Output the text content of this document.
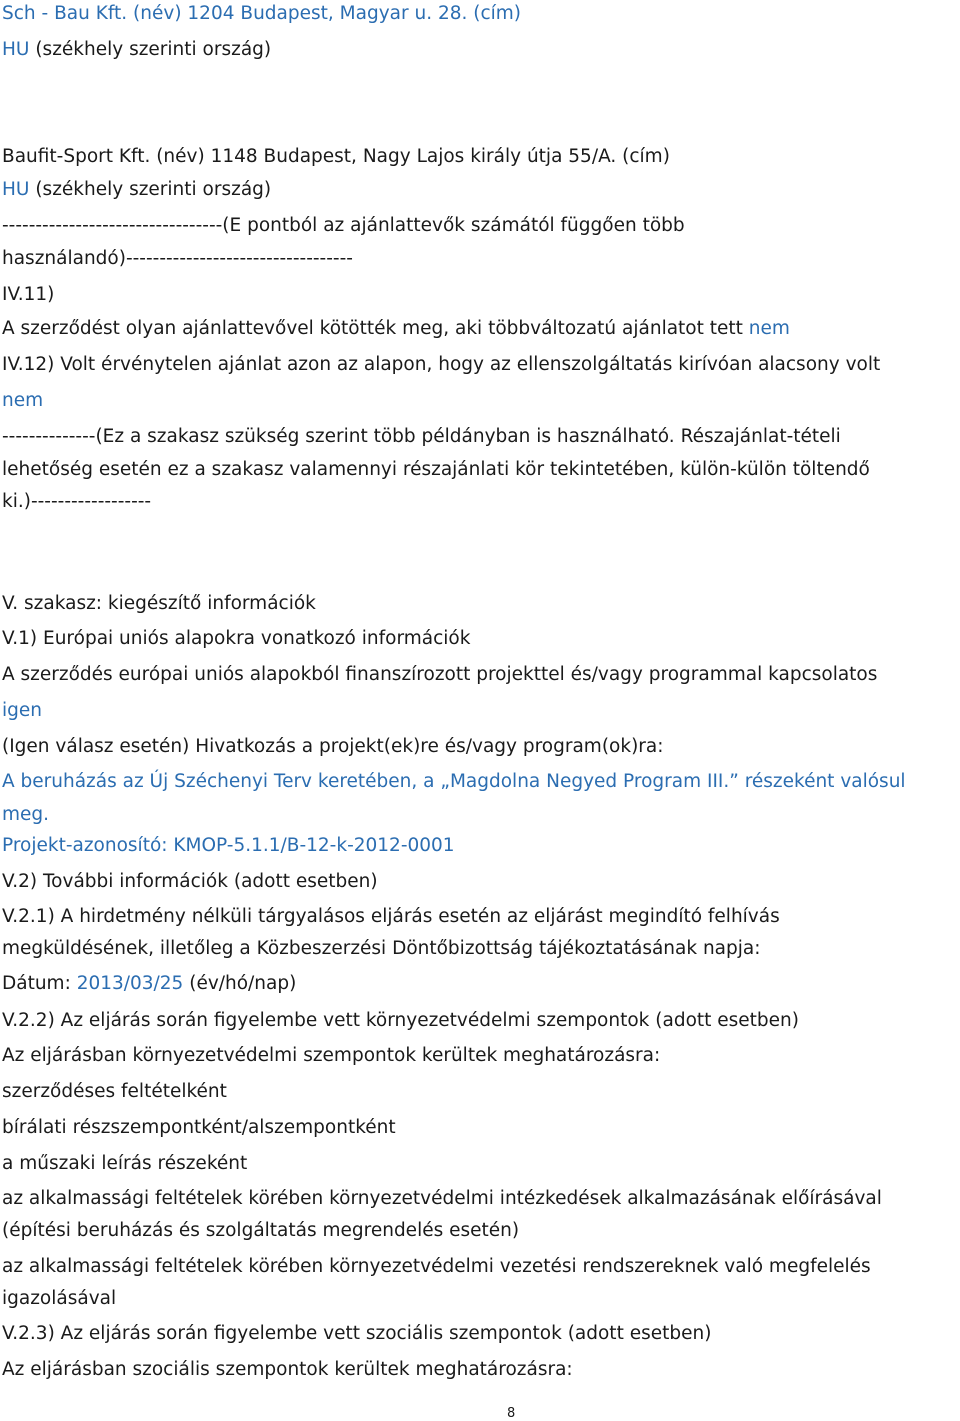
Sch - Bau Kft. (név) 1204 Budapest, Magyar u. 28. (cím)
HU (székhely szerinti ország)
Baufit-Sport Kft. (név) 1148 Budapest, Nagy Lajos király útja 55/A. (cím)
HU (székhely szerinti ország)
---------------------------------(E pontból az ajánlattevők számától függően több
használandó)----------------------------------
IV.11)
A szerződést olyan ajánlattevővel kötötték meg, aki többváltozatú ajánlatot tett nem
IV.12) Volt érvénytelen ajánlat azon az alapon, hogy az ellenszolgáltatás kirívóan alacsony volt
nem
--------------(Ez a szakasz szükség szerint több példányban is használható. Részajánlat-tételi
lehetőség esetén ez a szakasz valamennyi részajánlati kör tekintetében, külön-külön töltendő
ki.)------------------
V. szakasz: kiegészítő információk
V.1) Európai uniós alapokra vonatkozó információk
A szerződés európai uniós alapokból finanszírozott projekttel és/vagy programmal kapcsolatos
igen
(Igen válasz esetén) Hivatkozás a projekt(ek)re és/vagy program(ok)ra:
A beruházás az Új Széchenyi Terv keretében, a „Magdolna Negyed Program III.” részeként valósul
meg.
Projekt-azonosító: KMOP-5.1.1/B-12-k-2012-0001
V.2) További információk (adott esetben)
V.2.1) A hirdetmény nélküli tárgyalásos eljárás esetén az eljárást megindító felhívás
megküldésének, illetőleg a Közbeszerzési Döntőbizottság tájékoztatásának napja:
Dátum: 2013/03/25 (év/hó/nap)
V.2.2) Az eljárás során figyelembe vett környezetvédelmi szempontok (adott esetben)
Az eljárásban környezetvédelmi szempontok kerültek meghatározásra:
szerződéses feltételként
bírálati részszempontként/alszempontként
a műszaki leírás részeként
az alkalmassági feltételek körében környezetvédelmi intézkedések alkalmazásának előírásával
(építési beruházás és szolgáltatás megrendelés esetén)
az alkalmassági feltételek körében környezetvédelmi vezetési rendszereknek való megfelelés
igazolásával
V.2.3) Az eljárás során figyelembe vett szociális szempontok (adott esetben)
Az eljárásban szociális szempontok kerültek meghatározásra:
8
